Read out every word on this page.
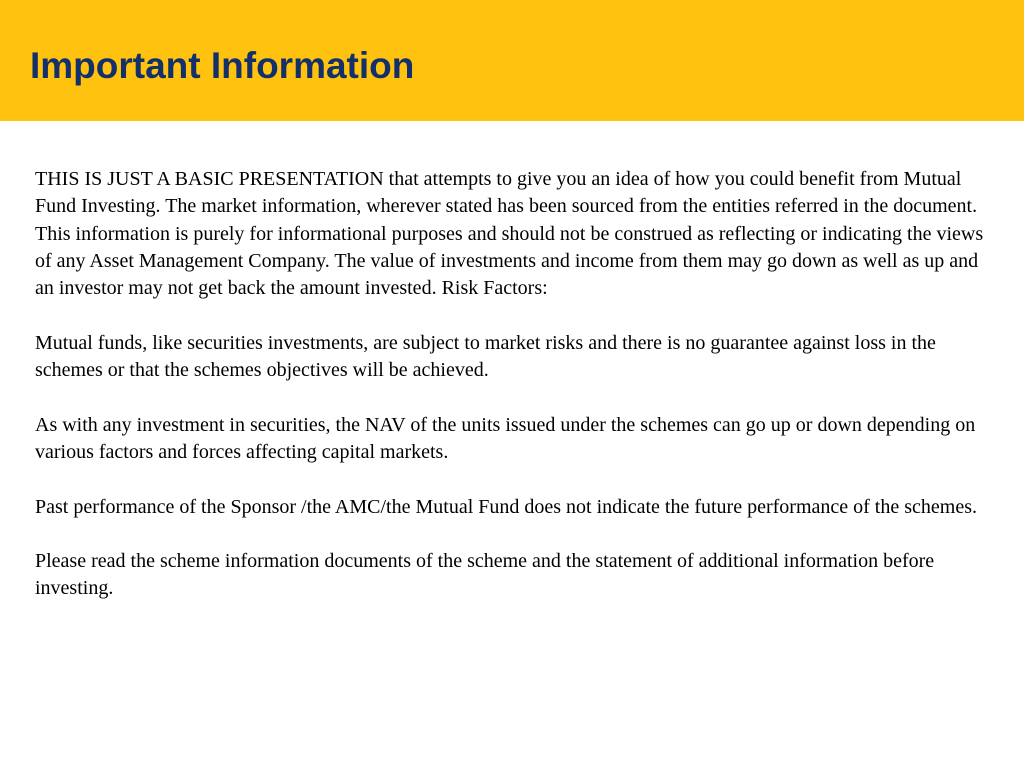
Important Information

THIS IS JUST A BASIC PRESENTATION that attempts to give you an idea of how you could benefit from Mutual Fund Investing. The market information, wherever stated has been sourced from the entities referred in the document. This information is purely for informational purposes and should not be construed as reflecting or indicating the views of any Asset Management Company. The value of investments and income from them may go down as well as up and an investor may not get back the amount invested. Risk Factors:

Mutual funds, like securities investments, are subject to market risks and there is no guarantee against loss in the schemes or that the schemes objectives will be achieved.

As with any investment in securities, the NAV of the units issued under the schemes can go up or down depending on various factors and forces affecting capital markets.

Past performance of the Sponsor /the AMC/the Mutual Fund does not indicate the future performance of the schemes.

Please read the scheme information documents of the scheme and the statement of additional information before investing.
